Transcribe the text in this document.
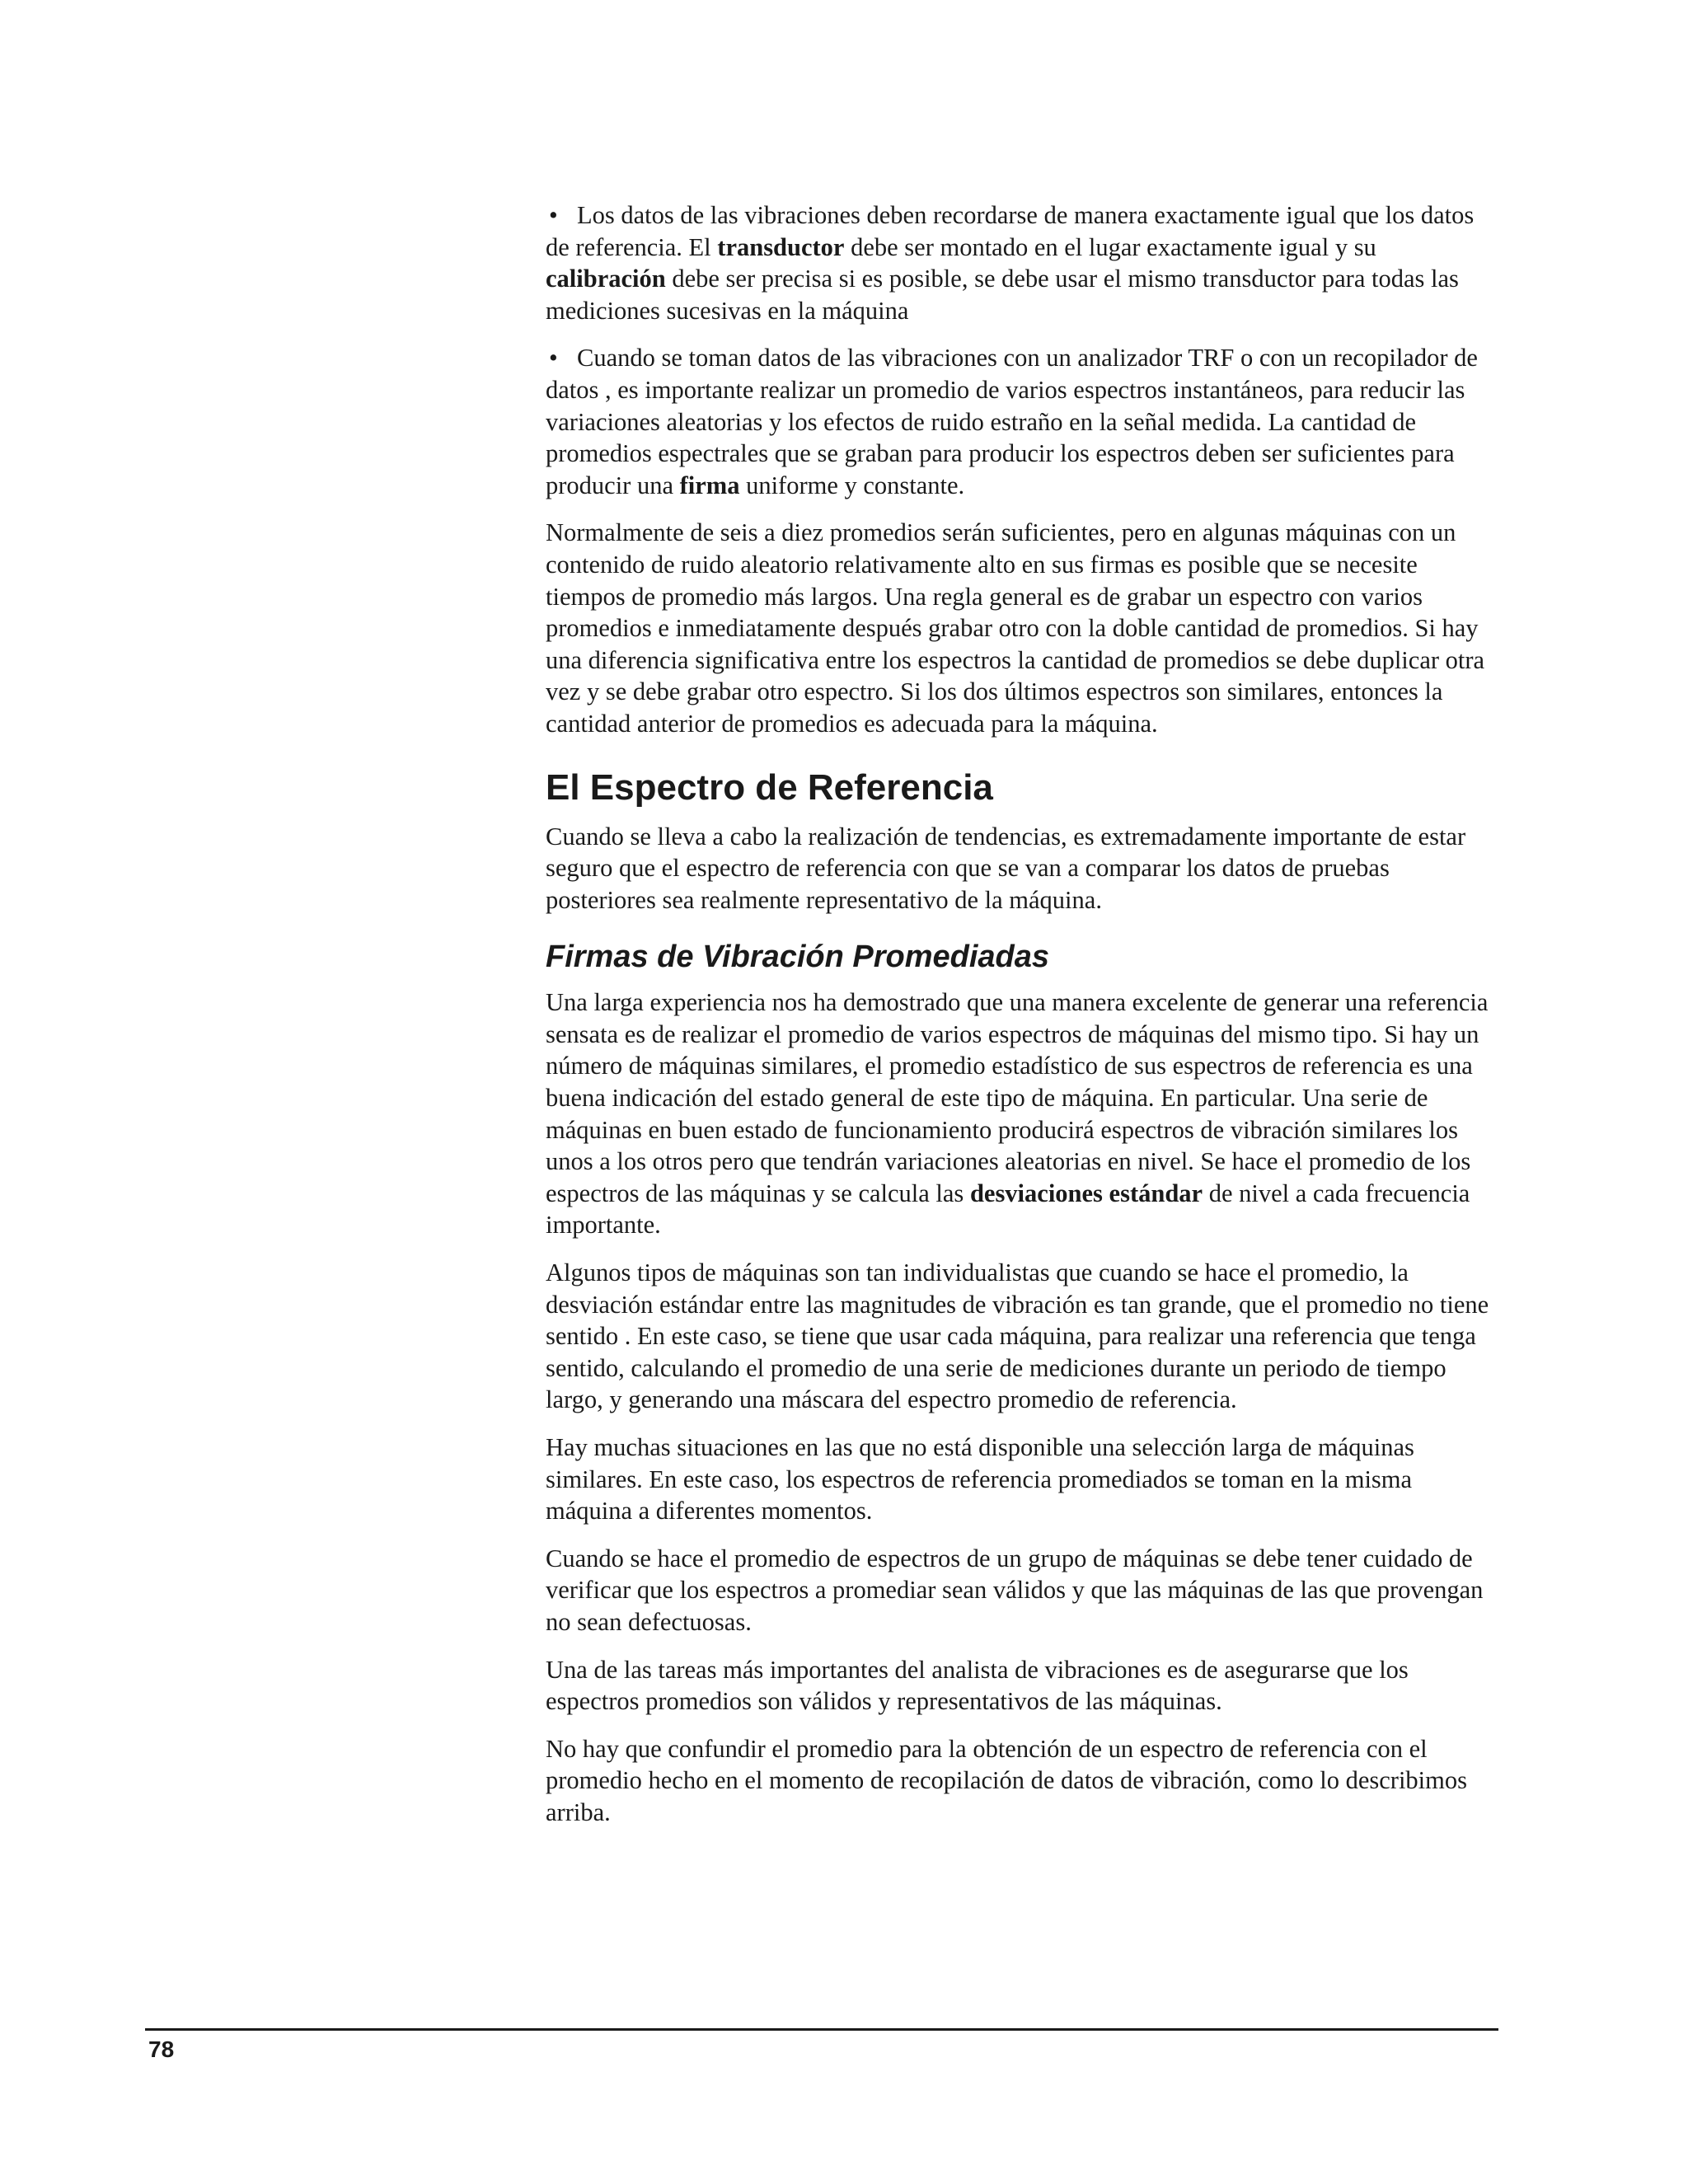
• Los datos de las vibraciones deben recordarse de manera exactamente igual que los datos de referencia. El transductor debe ser montado en el lugar exactamente igual y su calibración debe ser precisa si es posible, se debe usar el mismo transductor para todas las mediciones sucesivas en la máquina

• Cuando se toman datos de las vibraciones con un analizador TRF o con un recopilador de datos , es importante realizar un promedio de varios espectros instantáneos, para reducir las variaciones aleatorias y los efectos de ruido estraño en la señal medida. La cantidad de promedios espectrales que se graban para producir los espectros deben ser suficientes para producir una firma uniforme y constante.

Normalmente de seis a diez promedios serán suficientes, pero en algunas máquinas con un contenido de ruido aleatorio relativamente alto en sus firmas es posible que se necesite tiempos de promedio más largos. Una regla general es de grabar un espectro con varios promedios e inmediatamente después grabar otro con la doble cantidad de promedios. Si hay una diferencia significativa entre los espectros la cantidad de promedios se debe duplicar otra vez y se debe grabar otro espectro. Si los dos últimos espectros son similares, entonces la cantidad anterior de promedios es adecuada para la máquina.

El Espectro de Referencia

Cuando se lleva a cabo la realización de tendencias, es extremadamente importante de estar seguro que el espectro de referencia con que se van a comparar los datos de pruebas posteriores sea realmente representativo de la máquina.

Firmas de Vibración Promediadas

Una larga experiencia nos ha demostrado que una manera excelente de generar una referencia sensata es de realizar el promedio de varios espectros de máquinas del mismo tipo. Si hay un número de máquinas similares, el promedio estadístico de sus espectros de referencia es una buena indicación del estado general de este tipo de máquina. En particular. Una serie de máquinas en buen estado de funcionamiento producirá espectros de vibración similares los unos a los otros pero que tendrán variaciones aleatorias en nivel. Se hace el promedio de los espectros de las máquinas y se calcula las desviaciones estándar de nivel a cada frecuencia importante.

Algunos tipos de máquinas son tan individualistas que cuando se hace el promedio, la desviación estándar entre las magnitudes de vibración es tan grande, que el promedio no tiene sentido . En este caso, se tiene que usar cada máquina, para realizar una referencia que tenga sentido, calculando el promedio de una serie de mediciones durante un periodo de tiempo largo, y generando una máscara del espectro promedio de referencia.

Hay muchas situaciones en las que no está disponible una selección larga de máquinas similares. En este caso, los espectros de referencia promediados se toman en la misma máquina a diferentes momentos.

Cuando se hace el promedio de espectros de un grupo de máquinas se debe tener cuidado de verificar que los espectros a promediar sean válidos y que las máquinas de las que provengan no sean defectuosas.

Una de las tareas más importantes del analista de vibraciones es de asegurarse que los espectros promedios son válidos y representativos de las máquinas.

No hay que confundir el promedio para la obtención de un espectro de referencia con el promedio hecho en el momento de recopilación de datos de vibración, como lo describimos arriba.

78
